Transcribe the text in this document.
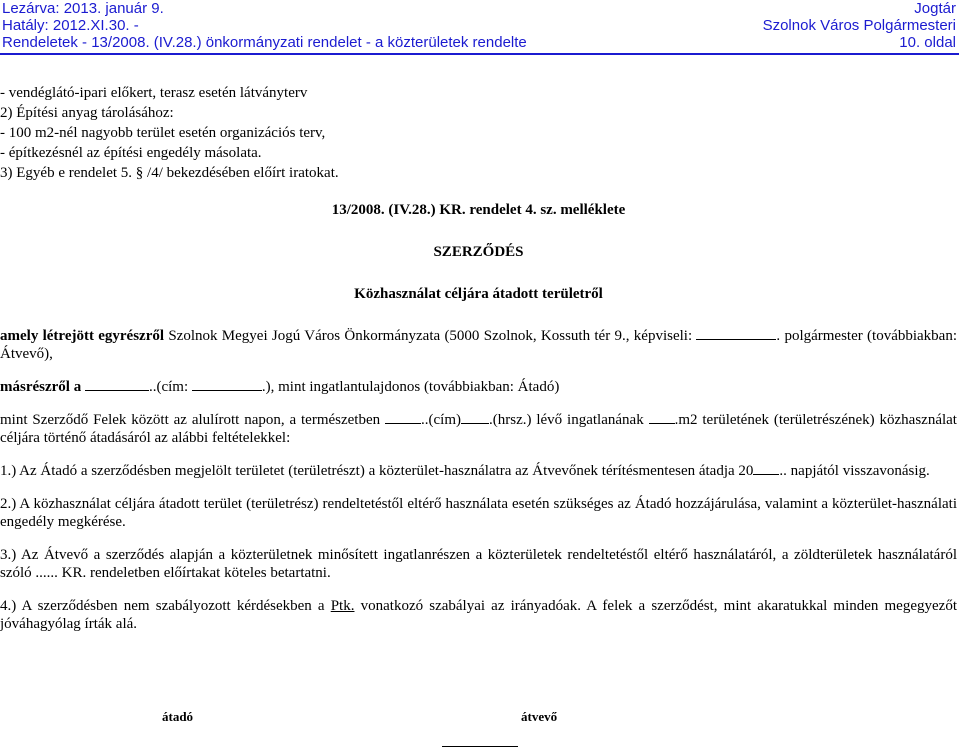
Lezárva: 2013. január 9.
Hatály: 2012.XI.30. -
Rendeletek - 13/2008. (IV.28.) önkormányzati rendelet - a közterületek rendelte
Jogtár
Szolnok Város Polgármesteri
10. oldal
- vendéglátó-ipari előkert, terasz esetén látványterv
2) Építési anyag tárolásához:
- 100 m2-nél nagyobb terület esetén organizációs terv,
- építkezésnél az építési engedély másolata.
3) Egyéb e rendelet 5. § /4/ bekezdésében előírt iratokat.
13/2008. (IV.28.) KR. rendelet 4. sz. melléklete
SZERZŐDÉS
Közhasználat céljára átadott területről

amely létrejött egyrészről Szolnok Megyei Jogú Város Önkormányzata (5000 Szolnok, Kossuth tér 9., képviseli:	. polgármester (továbbiakban: Átvevő),

másrészről a	..(cím:	.), mint ingatlantulajdonos (továbbiakban: Átadó)

mint Szerződő Felek között az alulírott napon, a természetben ..(cím) .(hrsz.) lévő ingatlanának .m2 területének (területrészének) közhasználat céljára történő átadásáról az alábbi feltételekkel:

1.) Az Átadó a szerződésben megjelölt területet (területrészt) a közterület-használatra az Átvevőnek térítésmentesen átadja 20 .. napjától visszavonásig.

2.) A közhasználat céljára átadott terület (területrész) rendeltetéstől eltérő használata esetén szükséges az Átadó hozzájárulása, valamint a közterület-használati engedély megkérése.

3.) Az Átvevő a szerződés alapján a közterületnek minősített ingatlanrészen a közterületek rendeltetéstől eltérő használatáról, a zöldterületek használatáról szóló ...... KR. rendeletben előírtakat köteles betartatni.

4.) A szerződésben nem szabályozott kérdésekben a Ptk. vonatkozó szabályai az irányadóak. A felek a szerződést, mint akaratukkal minden megegyezőt jóváhagyólag írták alá.

átadó	átvevő
